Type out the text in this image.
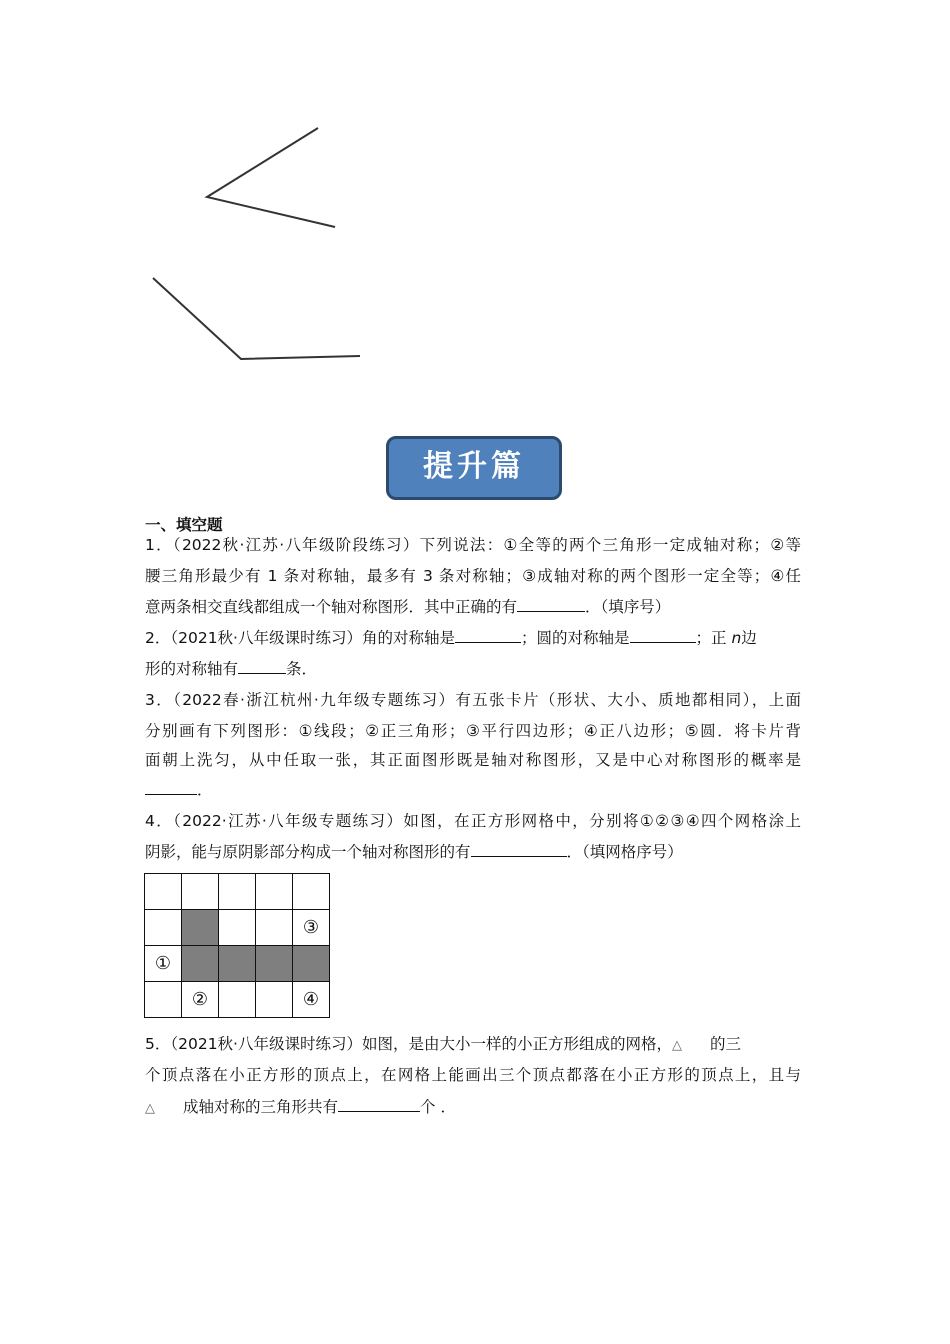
提升篇
一、填空题
1．（2022秋·江苏·八年级阶段练习）下列说法：①全等的两个三角形一定成轴对称；②等
腰三角形最少有 1 条对称轴，最多有 3 条对称轴；③成轴对称的两个图形一定全等；④任
意两条相交直线都组成一个轴对称图形．其中正确的有	．（填序号）
2．（2021秋·八年级课时练习）角的对称轴是	；圆的对称轴是	；正 n边
形的对称轴有	条．
3．（2022春·浙江杭州·九年级专题练习）有五张卡片（形状、大小、质地都相同），上面
分别画有下列图形：①线段；②正三角形；③平行四边形；④正八边形；⑤圆．将卡片背
面朝上洗匀，从中任取一张，其正面图形既是轴对称图形，又是中心对称图形的概率是
．
4．（2022·江苏·八年级专题练习）如图，在正方形网格中，分别将①②③④四个网格涂上
阴影，能与原阴影部分构成一个轴对称图形的有	．（填网格序号）

				③
①				
	②			④
5．（2021秋·八年级课时练习）如图，是由大小一样的小正方形组成的网格，△ 的三
个顶点落在小正方形的顶点上，在网格上能画出三个顶点都落在小正方形的顶点上，且与
△ 成轴对称的三角形共有	个 ．
